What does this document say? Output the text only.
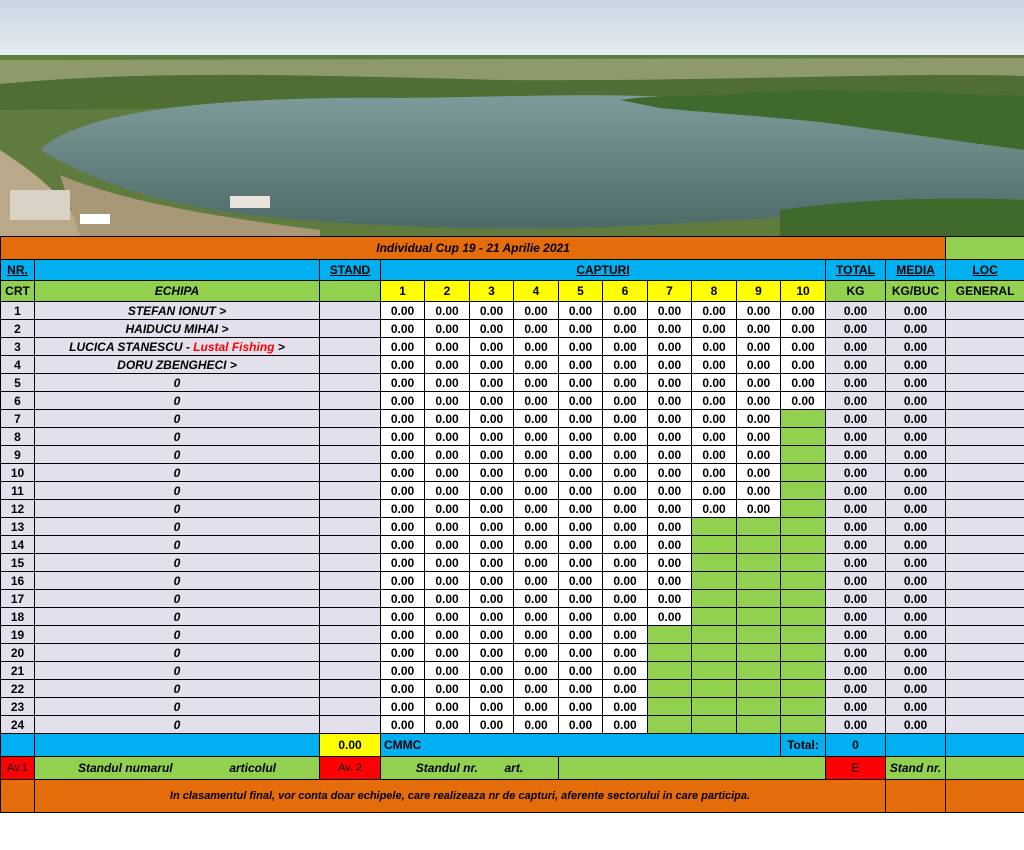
Individual Cup 19 - 21 Aprilie 2021															
NR.		STAND	CAPTURI										TOTAL	MEDIA	LOC
CRT	ECHIPA		1	2	3	4	5	6	7	8	9	10	KG	KG/BUC	GENERAL
1	STEFAN IONUT >		0.00	0.00	0.00	0.00	0.00	0.00	0.00	0.00	0.00	0.00	0.00	0.00	
2	HAIDUCU MIHAI >		0.00	0.00	0.00	0.00	0.00	0.00	0.00	0.00	0.00	0.00	0.00	0.00	
3	LUCICA STANESCU - Lustal Fishing >		0.00	0.00	0.00	0.00	0.00	0.00	0.00	0.00	0.00	0.00	0.00	0.00	
4	DORU ZBENGHECI >		0.00	0.00	0.00	0.00	0.00	0.00	0.00	0.00	0.00	0.00	0.00	0.00	
5	0		0.00	0.00	0.00	0.00	0.00	0.00	0.00	0.00	0.00	0.00	0.00	0.00	
6	0		0.00	0.00	0.00	0.00	0.00	0.00	0.00	0.00	0.00	0.00	0.00	0.00	
7	0		0.00	0.00	0.00	0.00	0.00	0.00	0.00	0.00	0.00		0.00	0.00	
8	0		0.00	0.00	0.00	0.00	0.00	0.00	0.00	0.00	0.00		0.00	0.00	
9	0		0.00	0.00	0.00	0.00	0.00	0.00	0.00	0.00	0.00		0.00	0.00	
10	0		0.00	0.00	0.00	0.00	0.00	0.00	0.00	0.00	0.00		0.00	0.00	
11	0		0.00	0.00	0.00	0.00	0.00	0.00	0.00	0.00	0.00		0.00	0.00	
12	0		0.00	0.00	0.00	0.00	0.00	0.00	0.00	0.00	0.00		0.00	0.00	
13	0		0.00	0.00	0.00	0.00	0.00	0.00	0.00				0.00	0.00	
14	0		0.00	0.00	0.00	0.00	0.00	0.00	0.00				0.00	0.00	
15	0		0.00	0.00	0.00	0.00	0.00	0.00	0.00				0.00	0.00	
16	0		0.00	0.00	0.00	0.00	0.00	0.00	0.00				0.00	0.00	
17	0		0.00	0.00	0.00	0.00	0.00	0.00	0.00				0.00	0.00	
18	0		0.00	0.00	0.00	0.00	0.00	0.00	0.00				0.00	0.00	
19	0		0.00	0.00	0.00	0.00	0.00	0.00					0.00	0.00	
20	0		0.00	0.00	0.00	0.00	0.00	0.00					0.00	0.00	
21	0		0.00	0.00	0.00	0.00	0.00	0.00					0.00	0.00	
22	0		0.00	0.00	0.00	0.00	0.00	0.00					0.00	0.00	
23	0		0.00	0.00	0.00	0.00	0.00	0.00					0.00	0.00	
24	0		0.00	0.00	0.00	0.00	0.00	0.00					0.00	0.00	
		0.00	CMMC									Total:	0		
Av.1	Standul numarul articolul	Av. 2	Standul nr. art.										E	Stand nr.	
	In clasamentul final, vor conta doar echipele, care realizeaza nr de capturi, aferente sectorului in care participa.														
